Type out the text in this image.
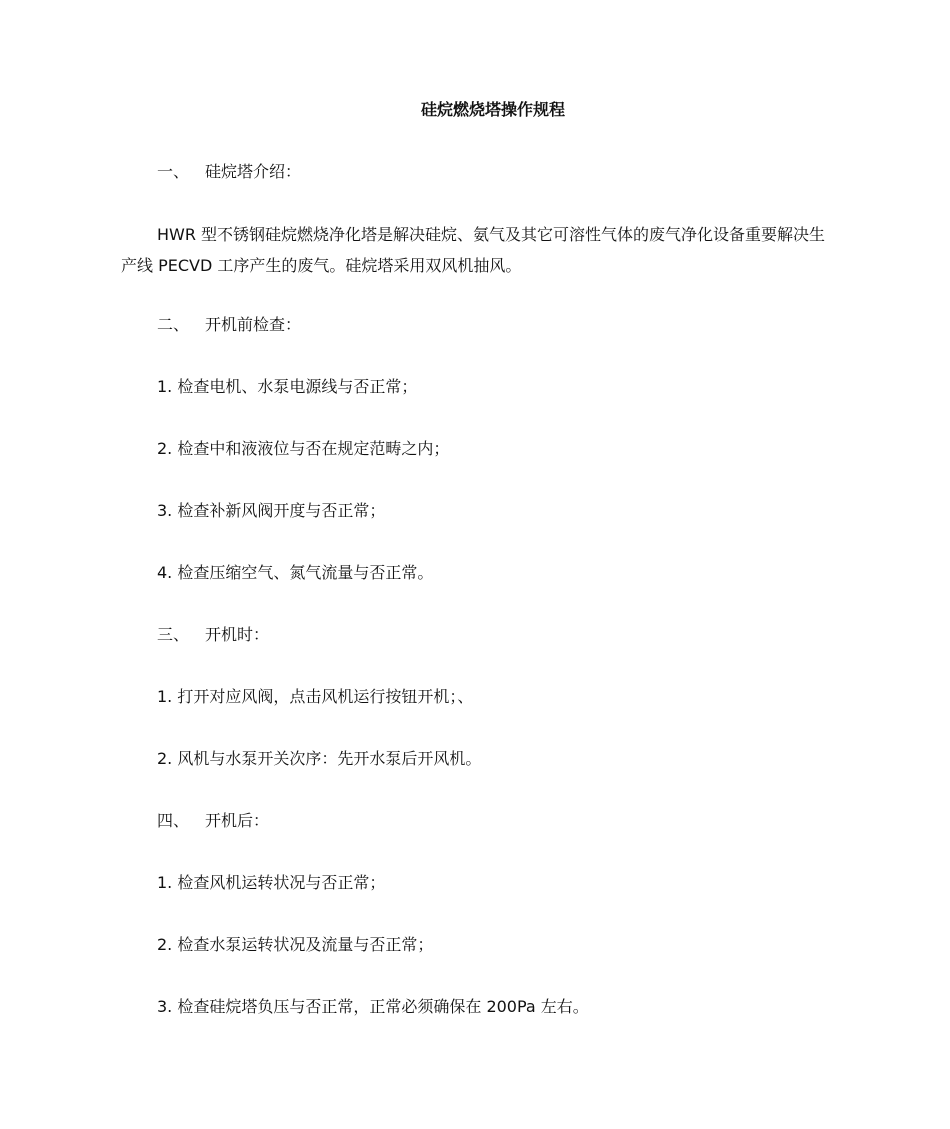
硅烷燃烧塔操作规程
一、 硅烷塔介绍：
HWR 型不锈钢硅烷燃烧净化塔是解决硅烷、氨气及其它可溶性气体的废气净化设备重要解决生产线 PECVD 工序产生的废气。硅烷塔采用双风机抽风。
二、 开机前检查：
1. 检查电机、水泵电源线与否正常；
2. 检查中和液液位与否在规定范畴之内；
3. 检查补新风阀开度与否正常；
4. 检查压缩空气、氮气流量与否正常。
三、 开机时：
1. 打开对应风阀，点击风机运行按钮开机；、
2. 风机与水泵开关次序：先开水泵后开风机。
四、 开机后：
1. 检查风机运转状况与否正常；
2. 检查水泵运转状况及流量与否正常；
3. 检查硅烷塔负压与否正常，正常必须确保在 200Pa 左右。
